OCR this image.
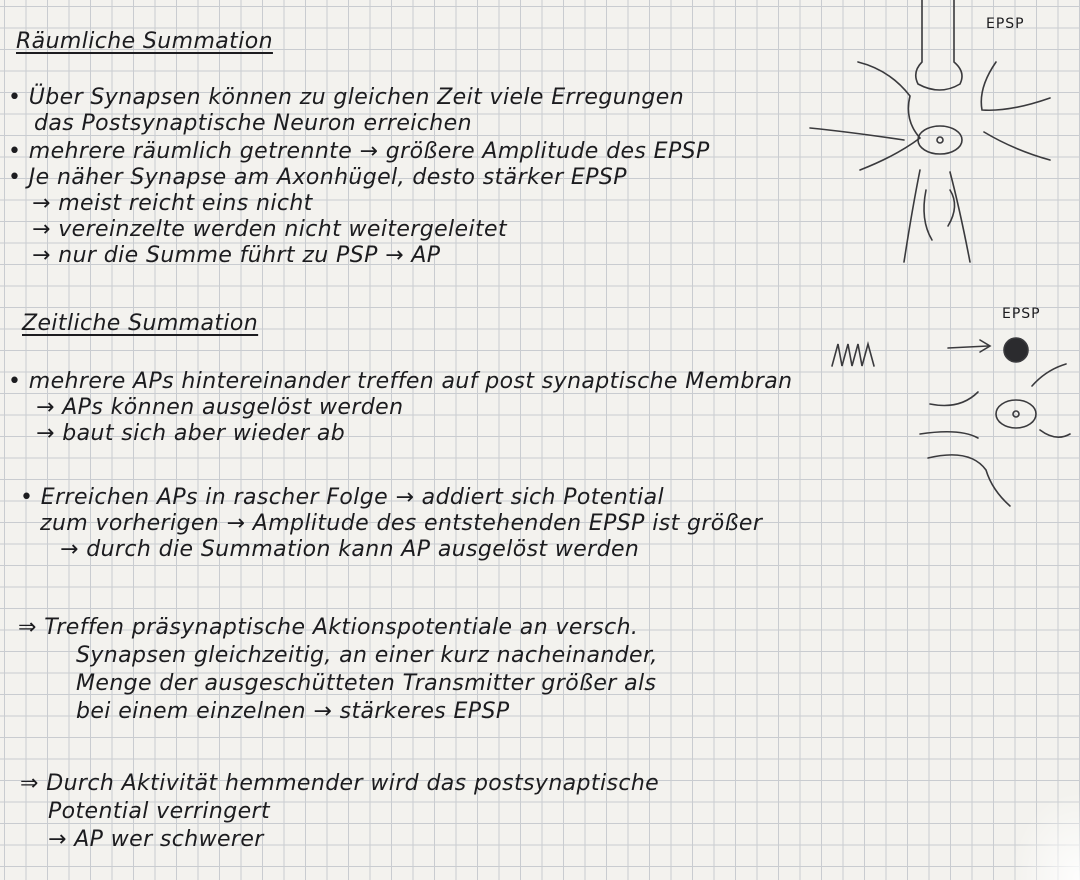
Räumliche Summation
• Über Synapsen können zu gleichen Zeit viele Erregungen
das Postsynaptische Neuron erreichen
• mehrere räumlich getrennte → größere Amplitude des EPSP
• Je näher Synapse am Axonhügel, desto stärker EPSP
→ meist reicht eins nicht
→ vereinzelte werden nicht weitergeleitet
→ nur die Summe führt zu PSP → AP
Zeitliche Summation
• mehrere APs hintereinander treffen auf post synaptische Membran
→ APs können ausgelöst werden
→ baut sich aber wieder ab
• Erreichen APs in rascher Folge → addiert sich Potential
zum vorherigen → Amplitude des entstehenden EPSP ist größer
→ durch die Summation kann AP ausgelöst werden
⇒ Treffen präsynaptische Aktionspotentiale an versch.
Synapsen gleichzeitig, an einer kurz nacheinander,
Menge der ausgeschütteten Transmitter größer als
bei einem einzelnen → stärkeres EPSP
⇒ Durch Aktivität hemmender wird das postsynaptische
Potential verringert
→ AP wer schwerer
EPSP
EPSP
